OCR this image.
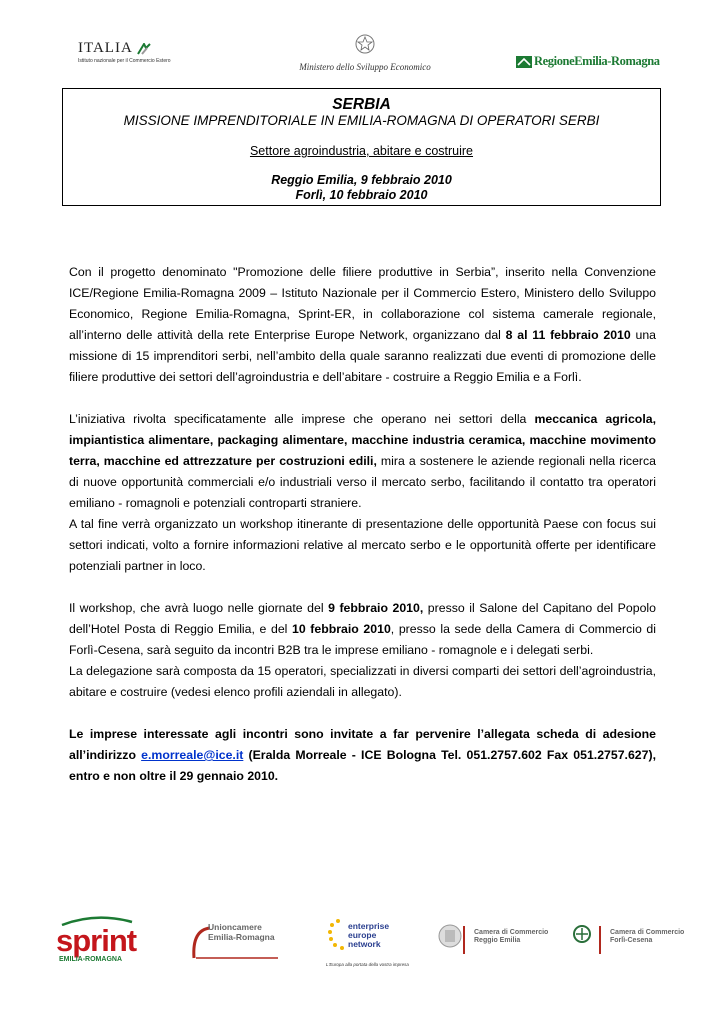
ITALIA
Istituto nazionale per il Commercio Estero
Ministero dello Sviluppo Economico	RegioneEmilia-Romagna
SERBIA
MISSIONE IMPRENDITORIALE IN EMILIA-ROMAGNA DI OPERATORI SERBI
Settore agroindustria, abitare e costruire
Reggio Emilia, 9 febbraio 2010
Forlì, 10 febbraio 2010

Con il progetto denominato "Promozione delle filiere produttive in Serbia”, inserito nella Convenzione ICE/Regione Emilia-Romagna 2009 – Istituto Nazionale per il Commercio Estero, Ministero dello Sviluppo Economico, Regione Emilia-Romagna, Sprint-ER, in collaborazione col sistema camerale regionale, all’interno delle attività della rete Enterprise Europe Network, organizzano dal 8 al 11 febbraio 2010 una missione di 15 imprenditori serbi, nell’ambito della quale saranno realizzati due eventi di promozione delle filiere produttive dei settori dell’agroindustria e dell’abitare - costruire a Reggio Emilia e a Forlì.

L’iniziativa rivolta specificatamente alle imprese che operano nei settori della meccanica agricola, impiantistica alimentare, packaging alimentare, macchine industria ceramica, macchine movimento terra, macchine ed attrezzature per costruzioni edili, mira a sostenere le aziende regionali nella ricerca di nuove opportunità commerciali e/o industriali verso il mercato serbo, facilitando il contatto tra operatori emiliano - romagnoli e potenziali controparti straniere.

A tal fine verrà organizzato un workshop itinerante di presentazione delle opportunità Paese con focus sui settori indicati, volto a fornire informazioni relative al mercato serbo e le opportunità offerte per identificare potenziali partner in loco.

Il workshop, che avrà luogo nelle giornate del 9 febbraio 2010, presso il Salone del Capitano del Popolo dell’Hotel Posta di Reggio Emilia, e del 10 febbraio 2010, presso la sede della Camera di Commercio di Forlì-Cesena, sarà seguito da incontri B2B tra le imprese emiliano - romagnole e i delegati serbi.

La delegazione sarà composta da 15 operatori, specializzati in diversi comparti dei settori dell’agroindustria, abitare e costruire (vedesi elenco profili aziendali in allegato).

Le imprese interessate agli incontri sono invitate a far pervenire l’allegata scheda di adesione all’indirizzo e.morreale@ice.it (Eralda Morreale - ICE Bologna Tel. 051.2757.602 Fax 051.2757.627), entro e non oltre il 29 gennaio 2010.

sprint
EMILIA-ROMAGNA
Unioncamere
Emilia-Romagna
enterprise
europe
network
L'Europa alla portata della vostra impresa
Camera di Commercio
Reggio Emilia
Camera di Commercio
Forlì-Cesena
